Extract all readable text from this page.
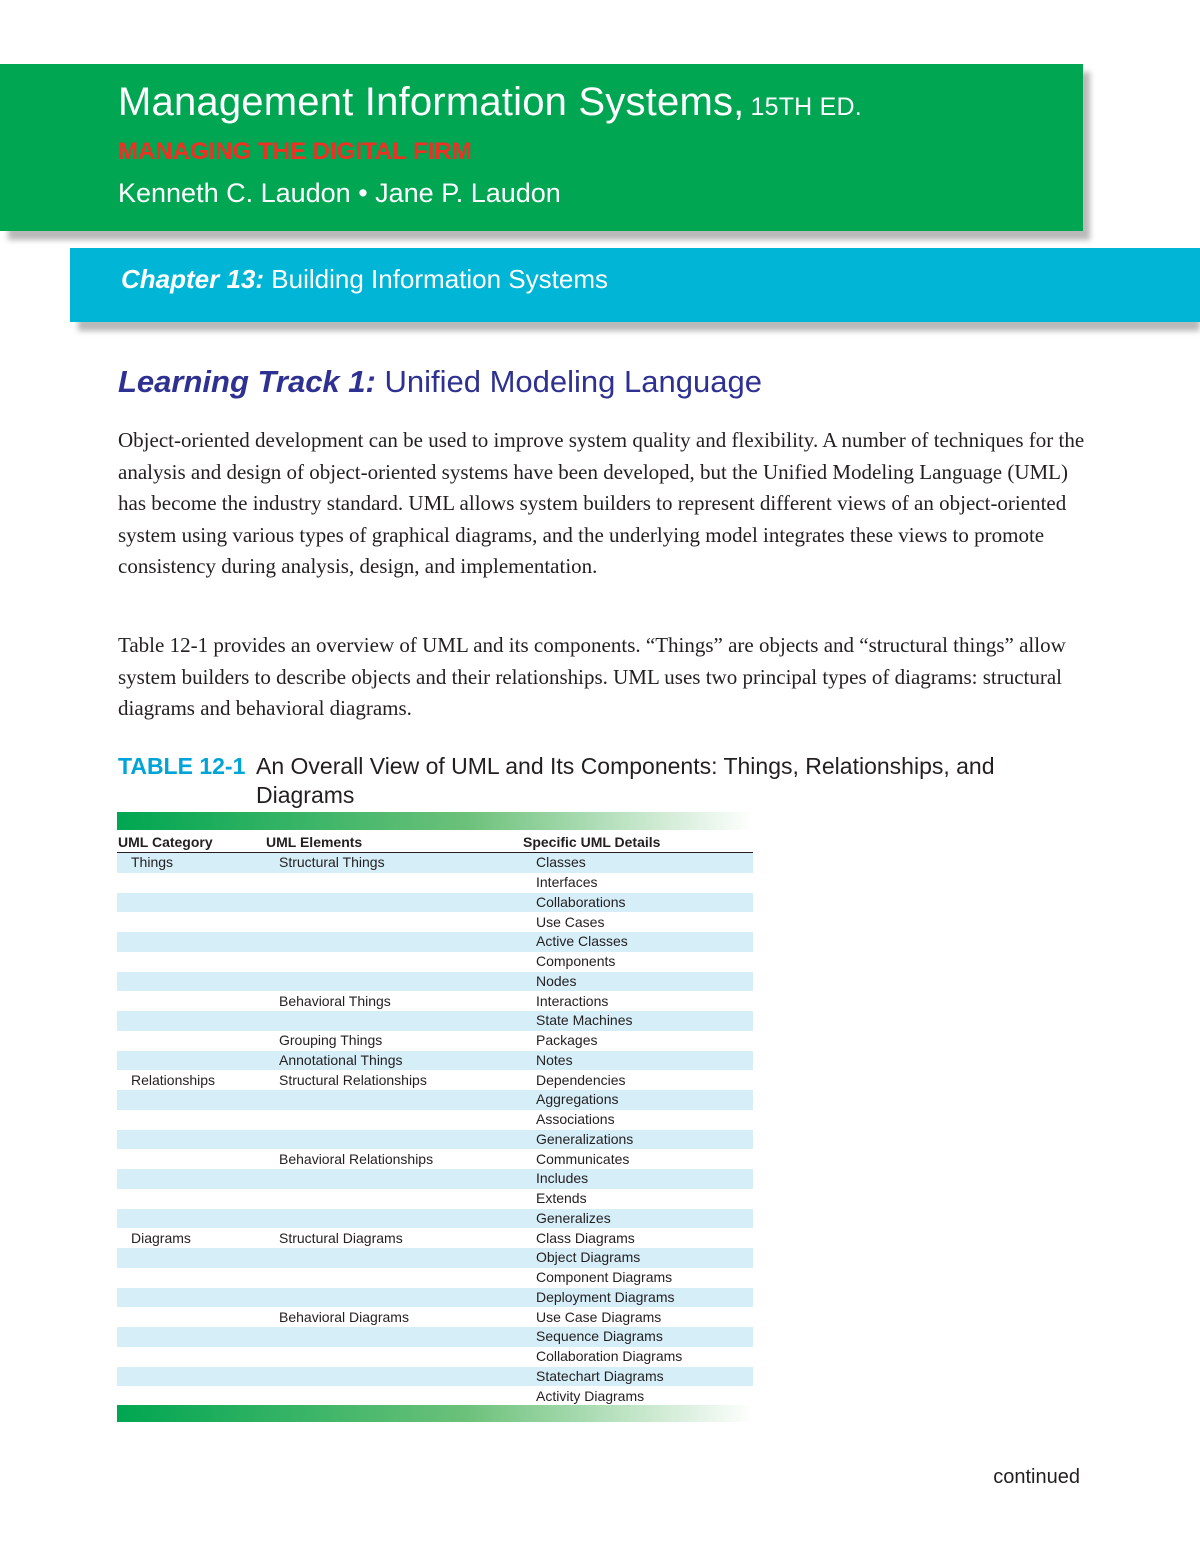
Management Information Systems, 15TH ED.
MANAGING THE DIGITAL FIRM
Kenneth C. Laudon • Jane P. Laudon
Chapter 13: Building Information Systems
Learning Track 1: Unified Modeling Language

Object-oriented development can be used to improve system quality and flexibility. A number of techniques for the analysis and design of object-oriented systems have been developed, but the Unified Modeling Language (UML) has become the industry standard. UML allows system builders to represent different views of an object-oriented system using various types of graphical diagrams, and the underlying model integrates these views to promote consistency during analysis, design, and implementation.

Table 12-1 provides an overview of UML and its components. “Things” are objects and “structural things” allow system builders to describe objects and their relationships. UML uses two principal types of diagrams: structural diagrams and behavioral diagrams.

TABLE 12-1 An Overall View of UML and Its Components: Things, Relationships, and
Diagrams
UML Category	UML Elements	Specific UML Details
Things	Structural Things	Classes
		Interfaces
		Collaborations
		Use Cases
		Active Classes
		Components
		Nodes
	Behavioral Things	Interactions
		State Machines
	Grouping Things	Packages
	Annotational Things	Notes
Relationships	Structural Relationships	Dependencies
		Aggregations
		Associations
		Generalizations
	Behavioral Relationships	Communicates
		Includes
		Extends
		Generalizes
Diagrams	Structural Diagrams	Class Diagrams
		Object Diagrams
		Component Diagrams
		Deployment Diagrams
	Behavioral Diagrams	Use Case Diagrams
		Sequence Diagrams
		Collaboration Diagrams
		Statechart Diagrams
		Activity Diagrams
continued
